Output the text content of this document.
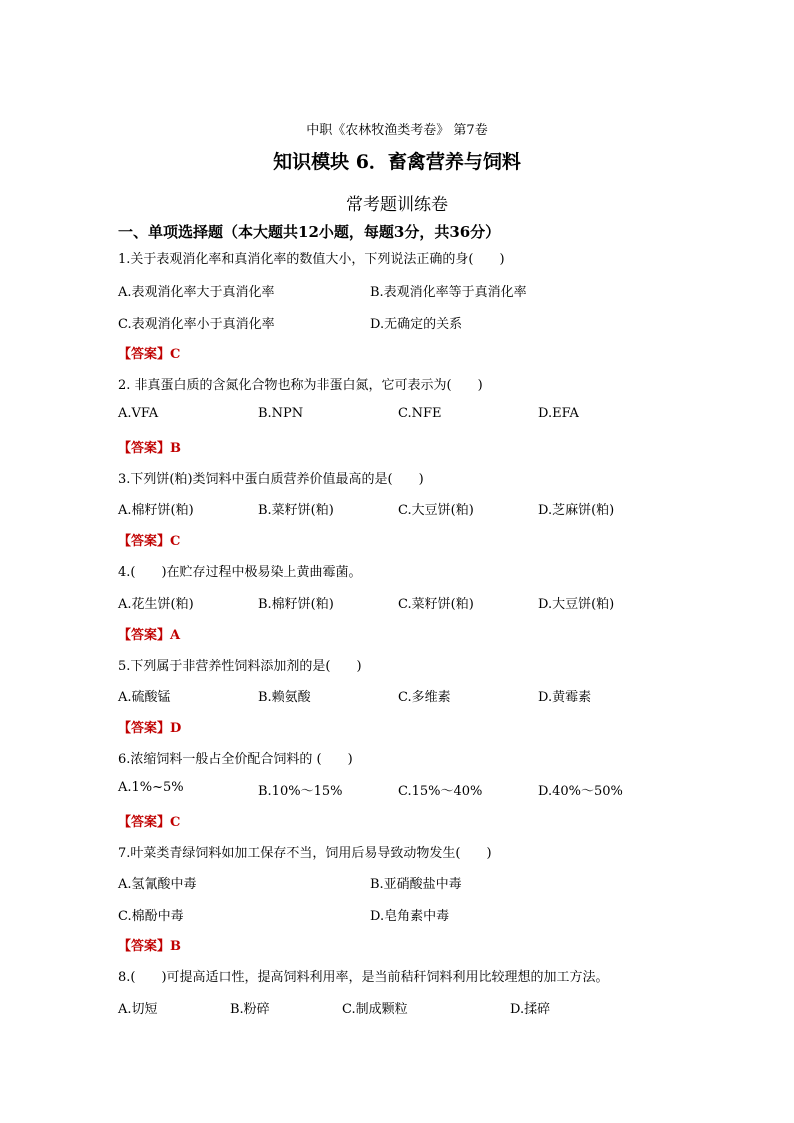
中职《农林牧渔类考卷》 第7卷
知识模块 6．畜禽营养与饲料
常考题训练卷
一、单项选择题（本大题共12小题，每题3分，共36分）
1.关于表观消化率和真消化率的数值大小，下列说法正确的身(　　)
A.表观消化率大于真消化率	B.表观消化率等于真消化率
C.表观消化率小于真消化率	D.无确定的关系
【答案】C
2. 非真蛋白质的含氮化合物也称为非蛋白氮，它可表示为(　　)
A.VFA	B.NPN	C.NFE	D.EFA
【答案】B
3.下列饼(粕)类饲料中蛋白质营养价值最高的是(　　)
A.棉籽饼(粕)	B.菜籽饼(粕)	C.大豆饼(粕)	D.芝麻饼(粕)
【答案】C
4.(　　)在贮存过程中极易染上黄曲霉菌。
A.花生饼(粕)	B.棉籽饼(粕)	C.菜籽饼(粕)	D.大豆饼(粕)
【答案】A
5.下列属于非营养性饲料添加剂的是(　　)
A.硫酸锰	B.赖氨酸	C.多维素	D.黄霉素
【答案】D
6.浓缩饲料一般占全价配合饲料的 (　　)
A.1%~5%	B.10%～15%	C.15%～40%	D.40%～50%
【答案】C
7.叶菜类青绿饲料如加工保存不当，饲用后易导致动物发生(　　)
A.氢氰酸中毒	B.亚硝酸盐中毒
C.棉酚中毒	D.皂角素中毒
【答案】B
8.(　　)可提高适口性，提高饲料利用率，是当前秸秆饲料利用比较理想的加工方法。
A.切短	B.粉碎	C.制成颗粒	D.揉碎
